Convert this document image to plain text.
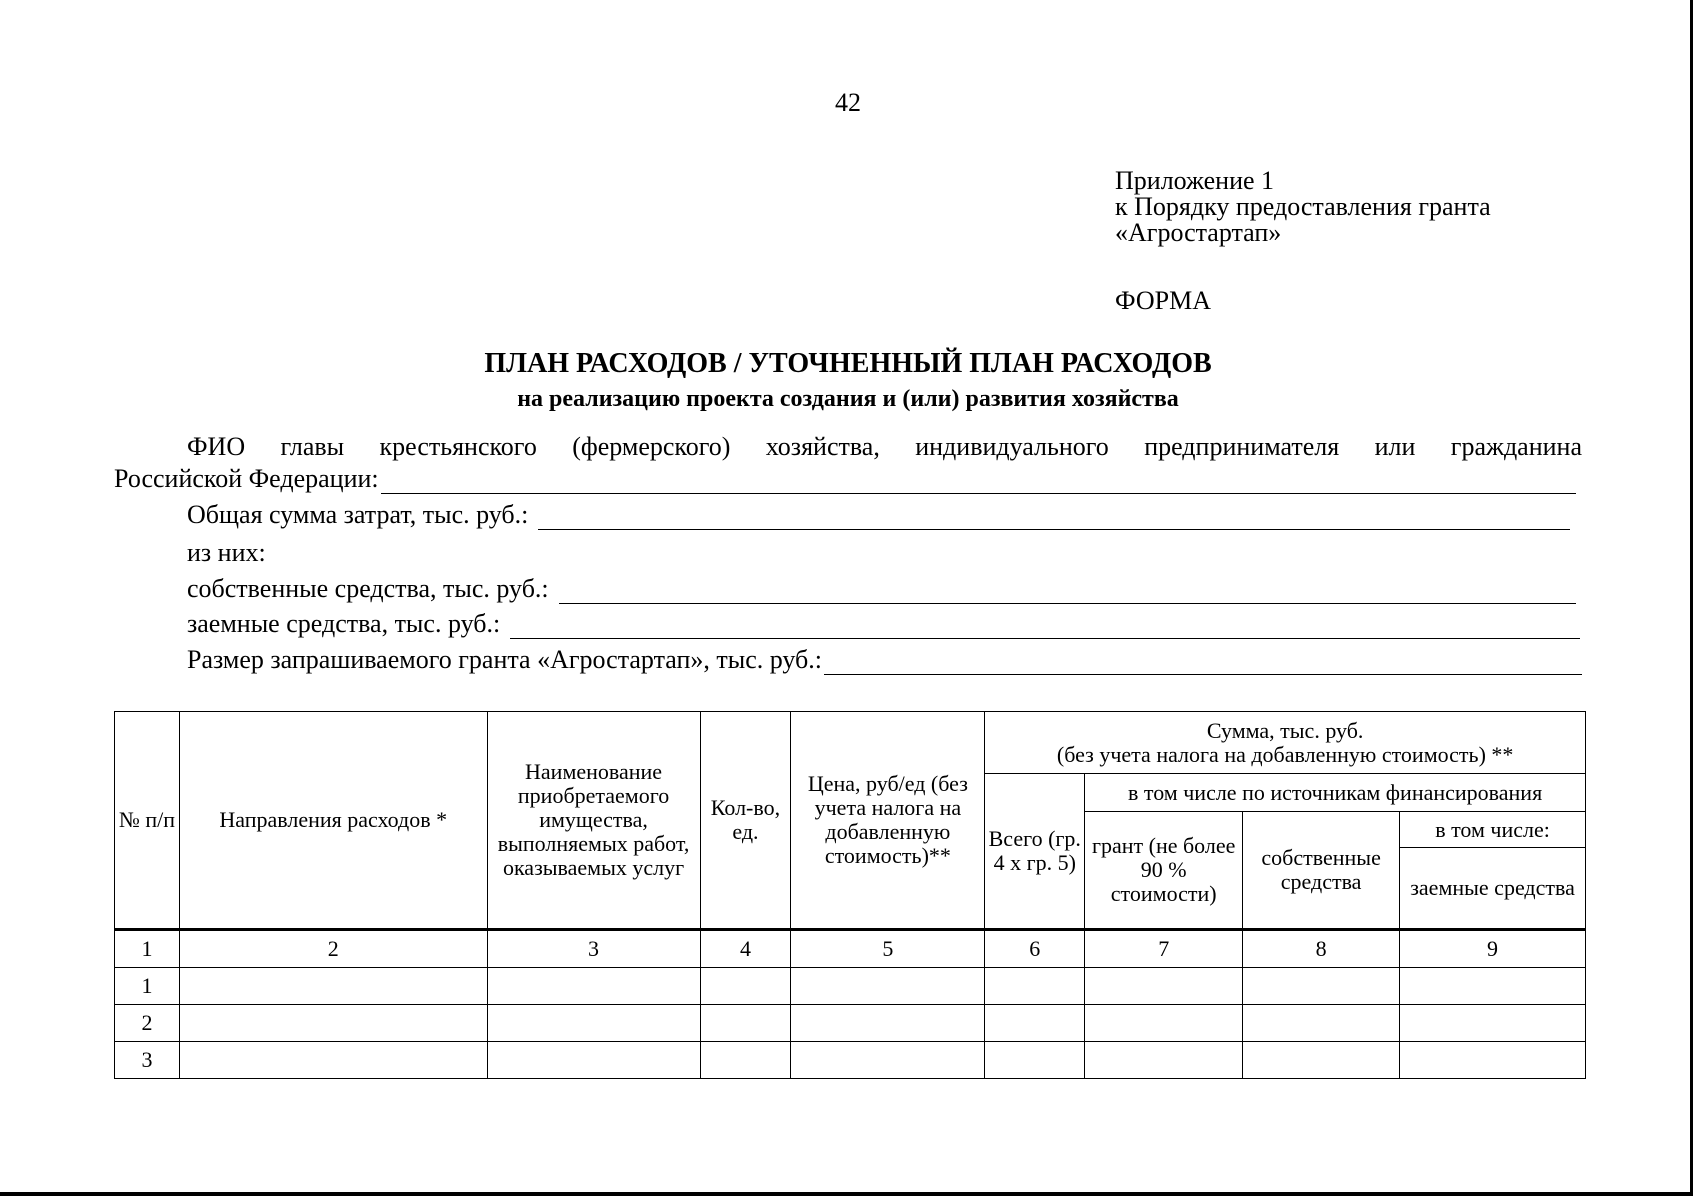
42
Приложение 1
к Порядку предоставления гранта
«Агростартап»
ФОРМА
ПЛАН РАСХОДОВ / УТОЧНЕННЫЙ ПЛАН РАСХОДОВ
на реализацию проекта создания и (или) развития хозяйства
ФИО главы крестьянского (фермерского) хозяйства, индивидуального предпринимателя или гражданина
Российской Федерации:
Общая сумма затрат, тыс. руб.:
из них:
собственные средства, тыс. руб.:
заемные средства, тыс. руб.:
Размер запрашиваемого гранта «Агростартап», тыс. руб.:
№ п/п	Направления расходов *	Наименование приобретаемого имущества, выполняемых работ, оказываемых услуг	Кол-во, ед.	Цена, руб/ед (без учета налога на добавленную стоимость)**	Сумма, тыс. руб.
(без учета налога на добавленную стоимость) **			

					Всего (гр. 4 х гр. 5)	в том числе по источникам финансирования		
						грант (не более 90 % стоимости)	собственные средства	в том числе:
								заемные средства
1	2	3	4	5	6	7	8	9
1								
2								
3								
